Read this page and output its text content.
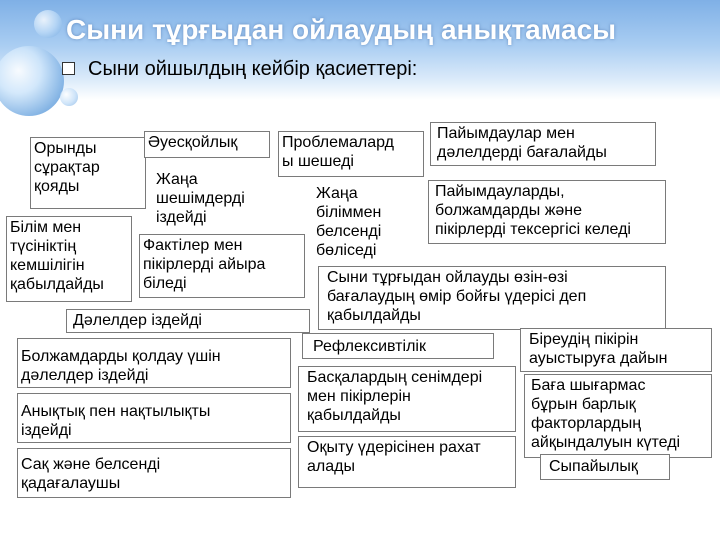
Сыни тұрғыдан ойлаудың анықтамасы
Сыни ойшылдың кейбір қасиеттері:
Орынды
сұрақтар
қояды
Әуесқойлық
Жаңа
шешімдерді
іздейді
Білім мен
түсініктің
кемшілігін
қабылдайды
Фактілер мен
пікірлерді айыра
біледі
Дәлелдер іздейді
Проблемалард
ы шешеді
Жаңа
біліммен
белсенді
бөліседі
Пайымдаулар мен
дәлелдерді бағалайды
Пайымдауларды,
болжамдарды және
пікірлерді тексергісі келеді
Сыни тұрғыдан ойлауды өзін-өзі
бағалаудың өмір бойғы үдерісі деп
қабылдайды
Рефлексивтілік	Біреудің пікірін
ауыстыруға дайын
Болжамдарды қолдау үшін
дәлелдер іздейді
Анықтық пен нақтылықты
іздейді
Сақ және белсенді
қадағалаушы
Басқалардың сенімдері
мен пікірлерін
қабылдайды
Оқыту үдерісінен рахат
алады
Баға шығармас
бұрын барлық
факторлардың
айқындалуын күтеді
Сыпайылық
